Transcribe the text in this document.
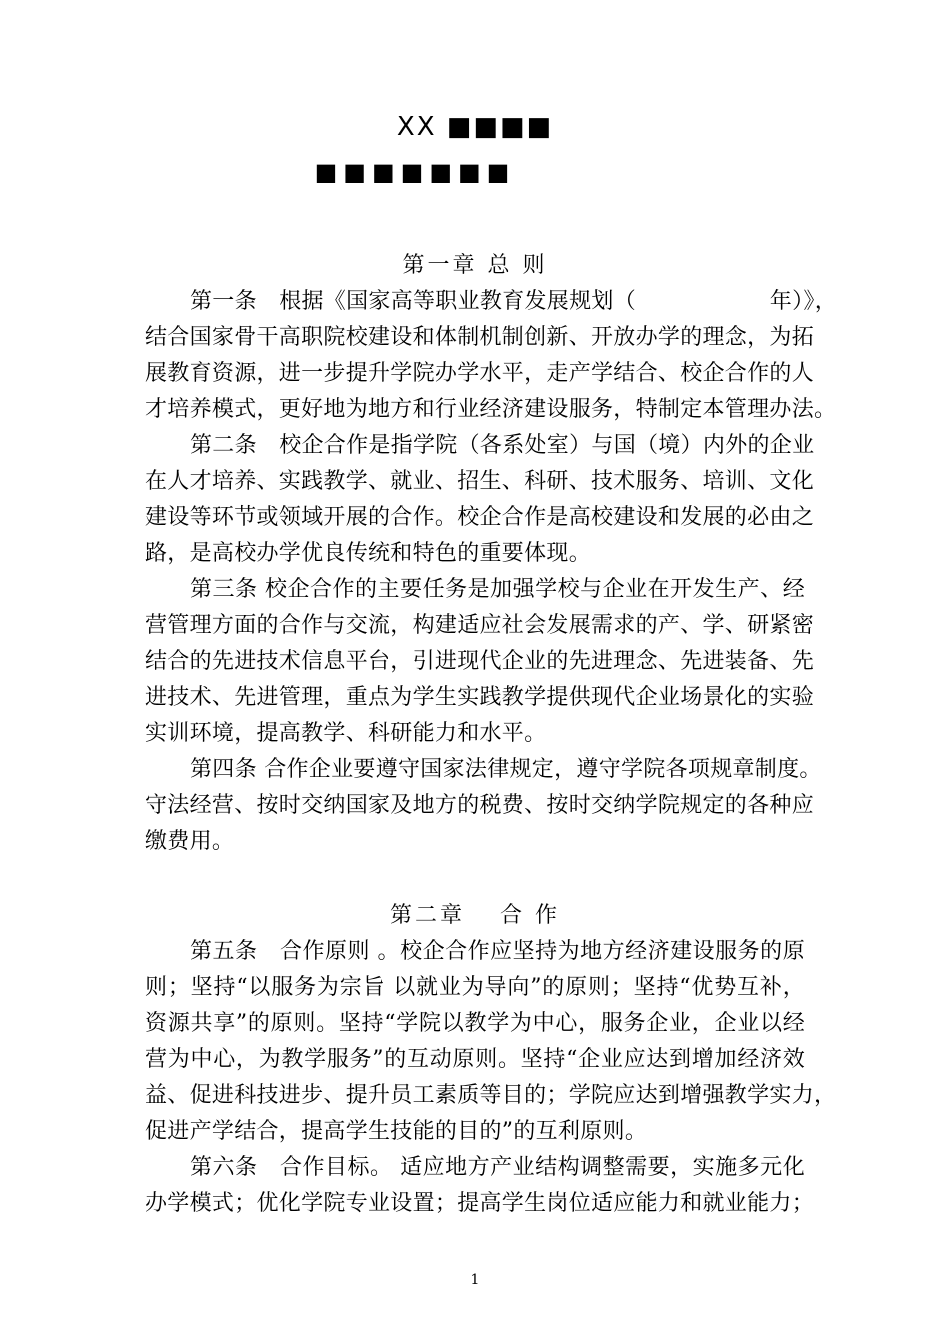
XX ■■■■
■■■■■■■
第一章 总 则
第一条　根据《国家高等职业教育发展规划（　　　　　　年）》，
结合国家骨干高职院校建设和体制机制创新、开放办学的理念，为拓
展教育资源，进一步提升学院办学水平，走产学结合、校企合作的人
才培养模式，更好地为地方和行业经济建设服务，特制定本管理办法。
第二条　校企合作是指学院（各系处室）与国（境）内外的企业
在人才培养、实践教学、就业、招生、科研、技术服务、培训、文化
建设等环节或领域开展的合作。校企合作是高校建设和发展的必由之
路，是高校办学优良传统和特色的重要体现。
第三条 校企合作的主要任务是加强学校与企业在开发生产、经
营管理方面的合作与交流，构建适应社会发展需求的产、学、研紧密
结合的先进技术信息平台，引进现代企业的先进理念、先进装备、先
进技术、先进管理，重点为学生实践教学提供现代企业场景化的实验
实训环境，提高教学、科研能力和水平。
第四条 合作企业要遵守国家法律规定，遵守学院各项规章制度。
守法经营、按时交纳国家及地方的税费、按时交纳学院规定的各种应
缴费用。
第二章　 合 作
第五条　合作原则 。校企合作应坚持为地方经济建设服务的原
则；坚持“以服务为宗旨 以就业为导向”的原则；坚持“优势互补，
资源共享”的原则。坚持“学院以教学为中心，服务企业，企业以经
营为中心，为教学服务”的互动原则。坚持“企业应达到增加经济效
益、促进科技进步、提升员工素质等目的；学院应达到增强教学实力，
促进产学结合，提高学生技能的目的”的互利原则。
第六条　合作目标。 适应地方产业结构调整需要，实施多元化
办学模式；优化学院专业设置；提高学生岗位适应能力和就业能力；
1
